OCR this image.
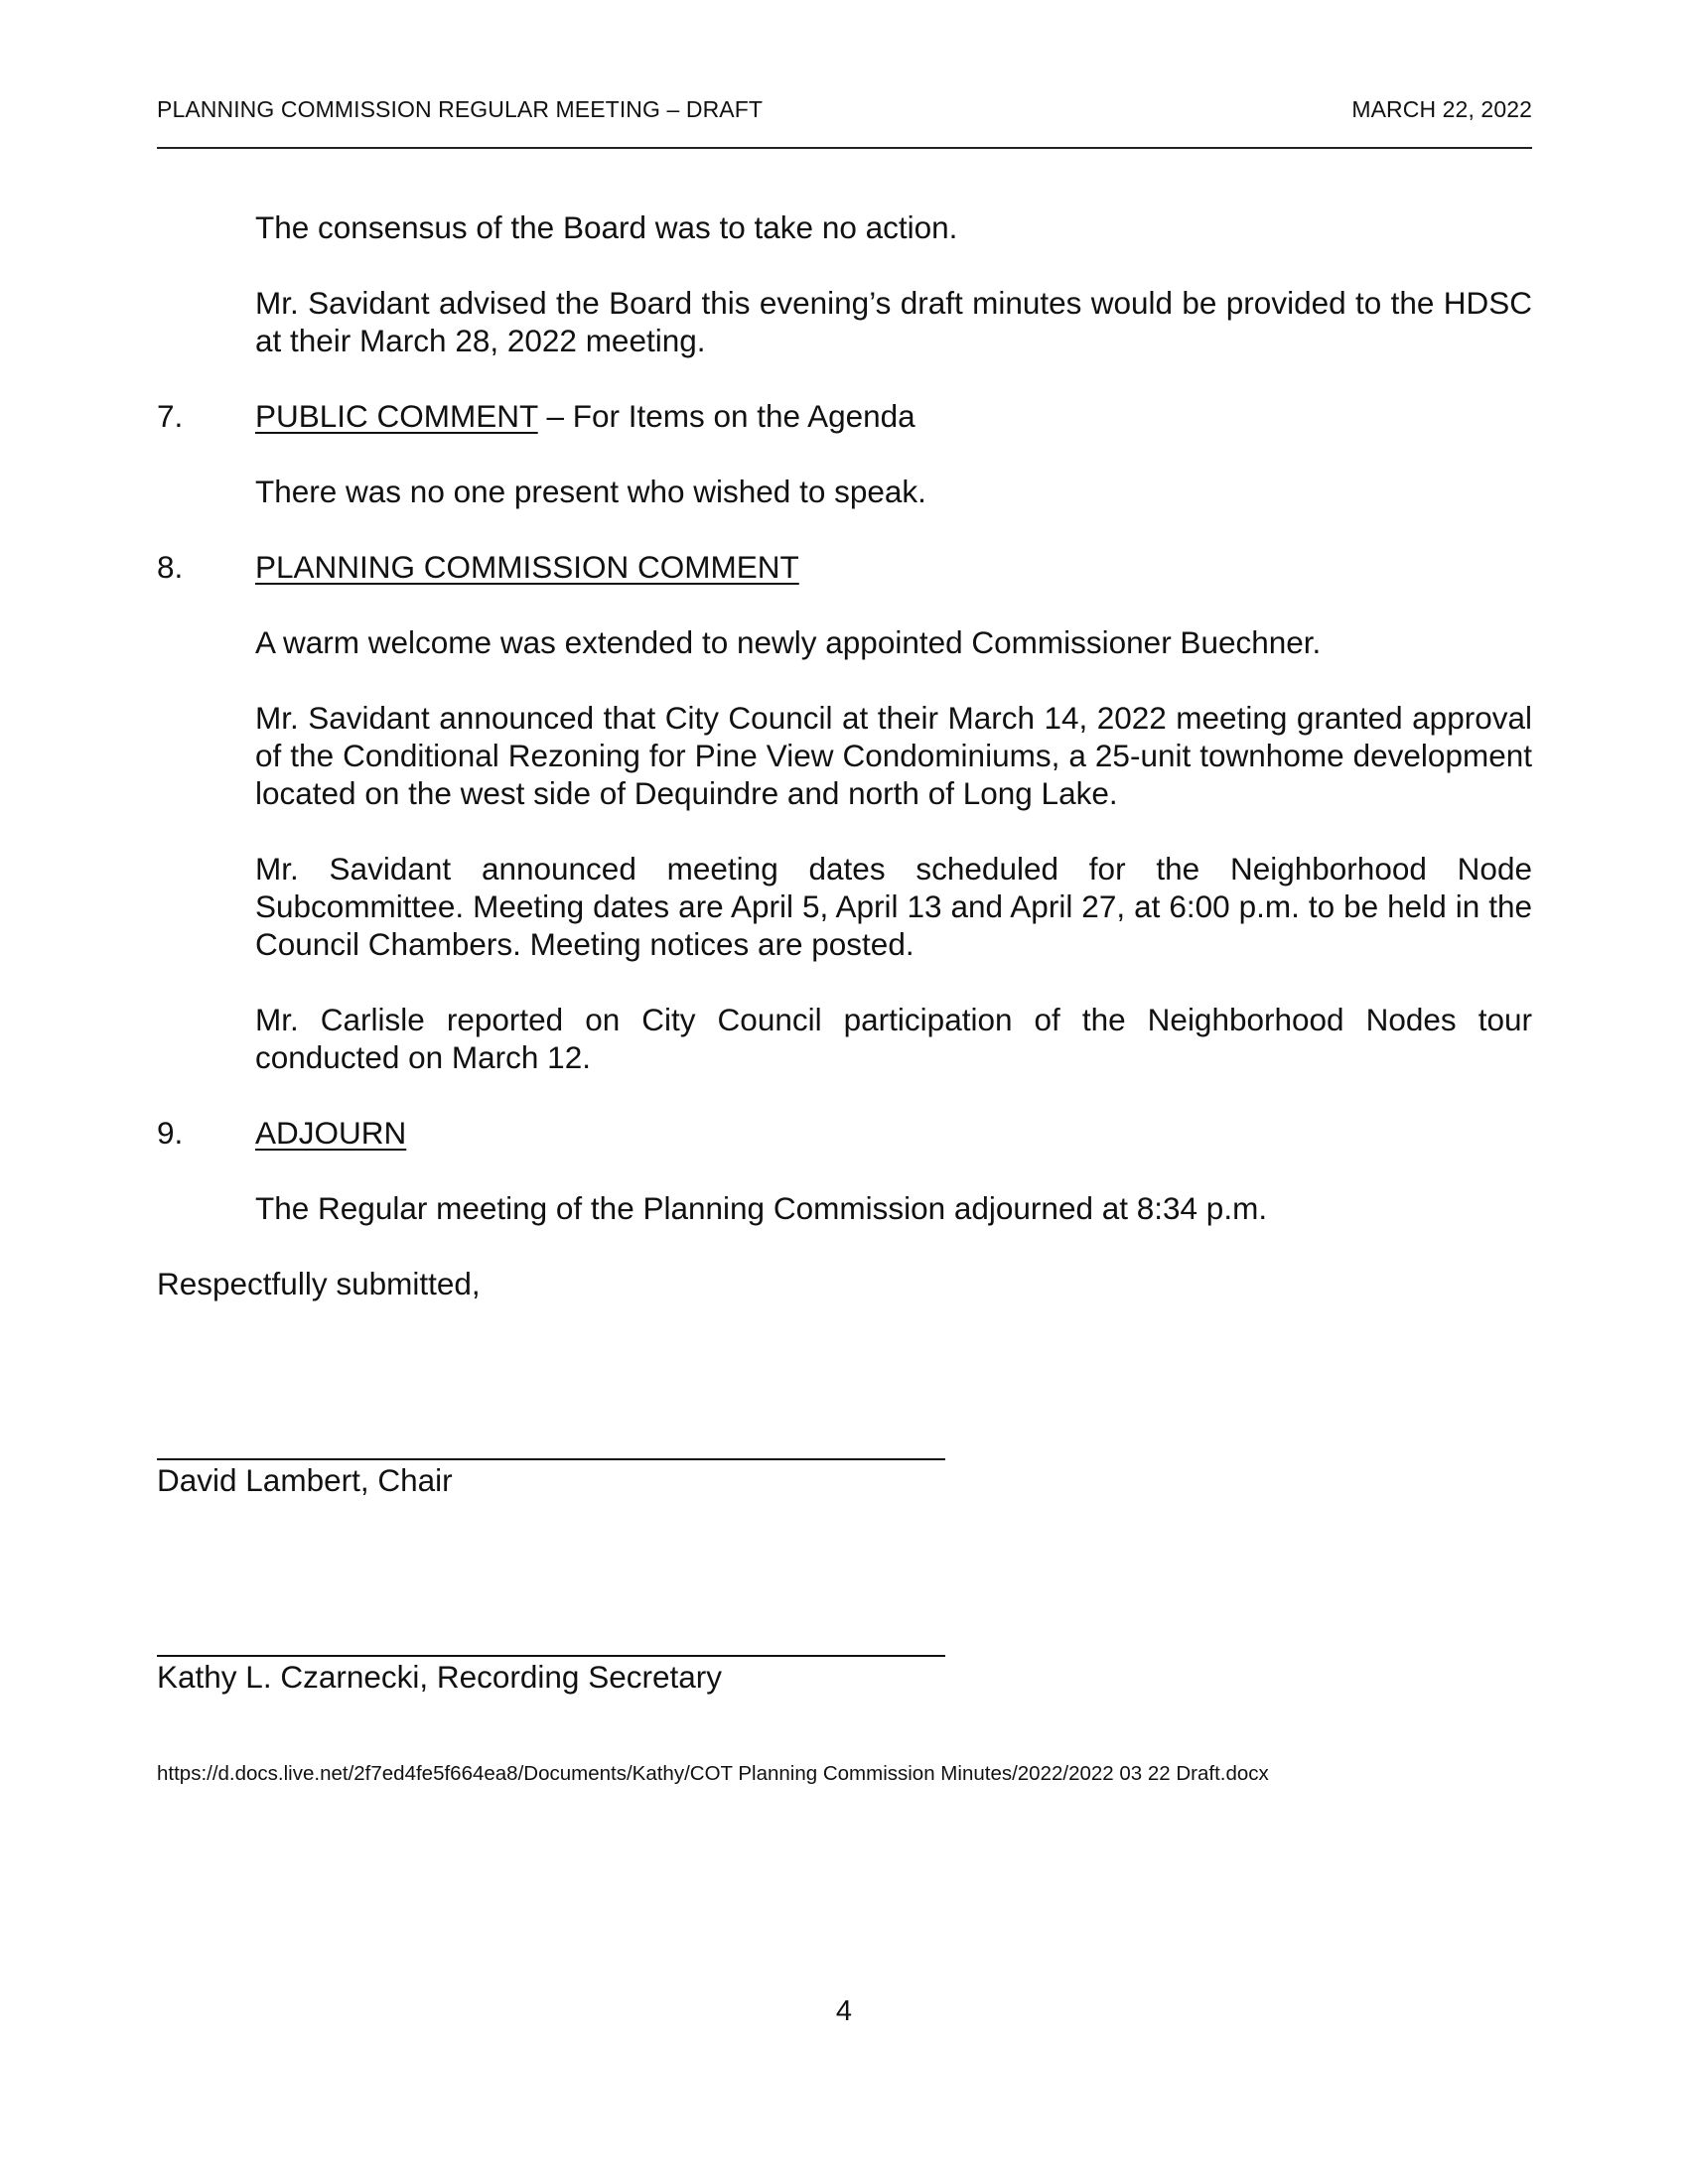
PLANNING COMMISSION REGULAR MEETING – DRAFT	MARCH 22, 2022
The consensus of the Board was to take no action.
Mr. Savidant advised the Board this evening’s draft minutes would be provided to the HDSC at their March 28, 2022 meeting.
7. PUBLIC COMMENT – For Items on the Agenda
There was no one present who wished to speak.
8. PLANNING COMMISSION COMMENT
A warm welcome was extended to newly appointed Commissioner Buechner.
Mr. Savidant announced that City Council at their March 14, 2022 meeting granted approval of the Conditional Rezoning for Pine View Condominiums, a 25-unit townhome development located on the west side of Dequindre and north of Long Lake.
Mr. Savidant announced meeting dates scheduled for the Neighborhood Node Subcommittee. Meeting dates are April 5, April 13 and April 27, at 6:00 p.m. to be held in the Council Chambers. Meeting notices are posted.
Mr. Carlisle reported on City Council participation of the Neighborhood Nodes tour conducted on March 12.
9. ADJOURN
The Regular meeting of the Planning Commission adjourned at 8:34 p.m.
Respectfully submitted,
David Lambert, Chair
Kathy L. Czarnecki, Recording Secretary
https://d.docs.live.net/2f7ed4fe5f664ea8/Documents/Kathy/COT Planning Commission Minutes/2022/2022 03 22 Draft.docx
4
